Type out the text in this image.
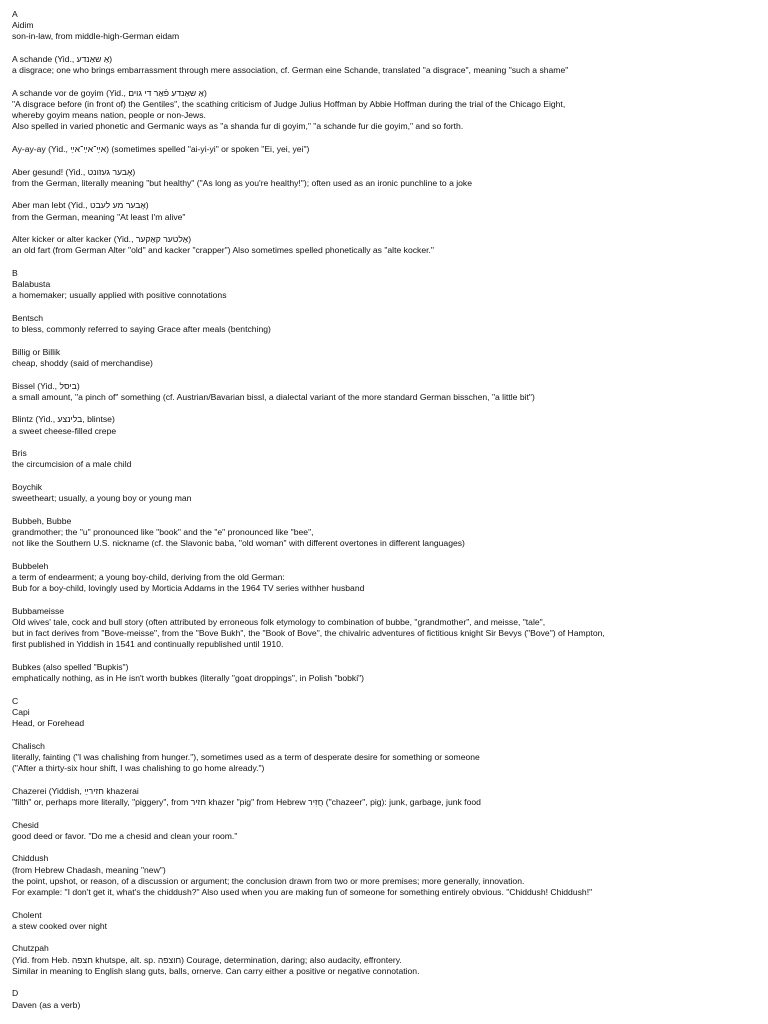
A
Aidim
son-in-law, from middle-high-German eidam
A schande (Yid., אַ שאַנדע)
a disgrace; one who brings embarrassment through mere association, cf. German eine Schande, translated "a disgrace", meaning "such a shame"
A schande vor de goyim (Yid., אַ שאַנדע פֿאַר די גוים)
"A disgrace before (in front of) the Gentiles", the scathing criticism of Judge Julius Hoffman by Abbie Hoffman during the trial of the Chicago Eight,
whereby goyim means nation, people or non-Jews.
Also spelled in varied phonetic and Germanic ways as "a shanda fur di goyim," "a schande fur die goyim," and so forth.
Ay-ay-ay (Yid., אײַ־אײַ־אײַ) (sometimes spelled "ai-yi-yi" or spoken "Ei, yei, yei")
Aber gesund! (Yid., אָבער געזונט)
from the German, literally meaning "but healthy" ("As long as you're healthy!"); often used as an ironic punchline to a joke
Aber man lebt (Yid., אָבער מע לעבט)
from the German, meaning "At least I'm alive"
Alter kicker or alter kacker (Yid., אַלטער קאַקער)
an old fart (from German Alter "old" and kacker "crapper") Also sometimes spelled phonetically as "alte kocker."
B
Balabusta
a homemaker; usually applied with positive connotations
Bentsch
to bless, commonly referred to saying Grace after meals (bentching)
Billig or Billik
cheap, shoddy (said of merchandise)
Bissel (Yid., ביסל)
a small amount, "a pinch of" something (cf. Austrian/Bavarian bissl, a dialectal variant of the more standard German bisschen, "a little bit")
Blintz (Yid., בלינצע, blintse)
a sweet cheese-filled crepe
Bris
the circumcision of a male child
Boychik
sweetheart; usually, a young boy or young man
Bubbeh, Bubbe
grandmother; the "u" pronounced like "book" and the "e" pronounced like "bee",
not like the Southern U.S. nickname (cf. the Slavonic baba, "old woman" with different overtones in different languages)
Bubbeleh
a term of endearment; a young boy-child, deriving from the old German:
Bub for a boy-child, lovingly used by Morticia Addams in the 1964 TV series withher husband
Bubbameisse
Old wives' tale, cock and bull story (often attributed by erroneous folk etymology to combination of bubbe, "grandmother", and meisse, "tale",
but in fact derives from "Bove-meisse", from the "Bove Bukh", the "Book of Bove", the chivalric adventures of fictitious knight Sir Bevys ("Bove") of Hampton,
first published in Yiddish in 1541 and continually republished until 1910.
Bubkes (also spelled "Bupkis")
emphatically nothing, as in He isn't worth bubkes (literally "goat droppings", in Polish "bobki")
C
Capi
Head, or Forehead
Chalisch
literally, fainting ("I was chalishing from hunger."), sometimes used as a term of desperate desire for something or someone
("After a thirty-six hour shift, I was chalishing to go home already.")
Chazerei (Yiddish, חזירײַ khazerai
"filth" or, perhaps more literally, "piggery", from חזיר khazer "pig" from Hebrew חֲזִיר ("chazeer", pig): junk, garbage, junk food
Chesid
good deed or favor. "Do me a chesid and clean your room."
Chiddush
(from Hebrew Chadash, meaning "new")
the point, upshot, or reason, of a discussion or argument; the conclusion drawn from two or more premises; more generally, innovation.
For example: "I don't get it, what's the chiddush?" Also used when you are making fun of someone for something entirely obvious. "Chiddush! Chiddush!"
Cholent
a stew cooked over night
Chutzpah
(Yid. from Heb. חצפה khutspe, alt. sp. חוצפה) Courage, determination, daring; also audacity, effrontery.
Similar in meaning to English slang guts, balls, ornerve. Can carry either a positive or negative connotation.
D
Daven (as a verb)
